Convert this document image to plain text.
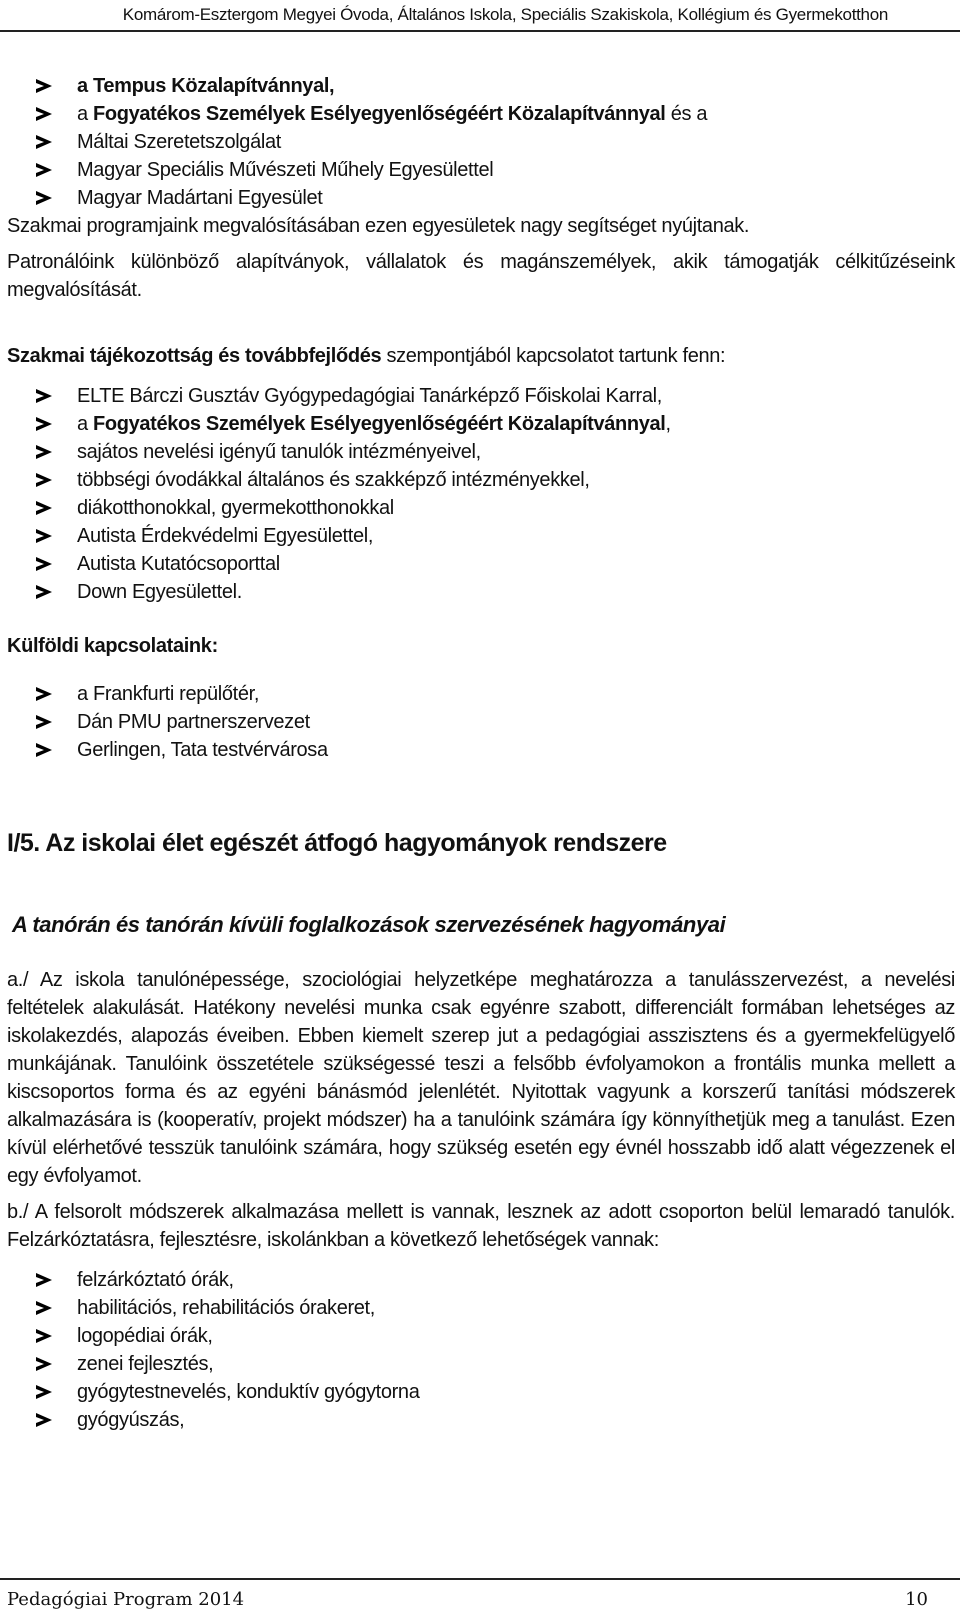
Komárom-Esztergom Megyei Óvoda, Általános Iskola, Speciális Szakiskola, Kollégium és Gyermekotthon
a Tempus Közalapítvánnyal,
a Fogyatékos Személyek Esélyegyenlőségéért Közalapítvánnyal és a
Máltai Szeretetszolgálat
Magyar Speciális Művészeti Műhely Egyesülettel
Magyar Madártani Egyesület

Szakmai programjaink megvalósításában ezen egyesületek nagy segítséget nyújtanak.

Patronálóink különböző alapítványok, vállalatok és magánszemélyek, akik támogatják célkitűzéseink megvalósítását.

Szakmai tájékozottság és továbbfejlődés szempontjából kapcsolatot tartunk fenn:

ELTE Bárczi Gusztáv Gyógypedagógiai Tanárképző Főiskolai Karral,
a Fogyatékos Személyek Esélyegyenlőségéért Közalapítvánnyal,
sajátos nevelési igényű tanulók intézményeivel,
többségi óvodákkal általános és szakképző intézményekkel,
diákotthonokkal, gyermekotthonokkal
Autista Érdekvédelmi Egyesülettel,
Autista Kutatócsoporttal
Down Egyesülettel.

Külföldi kapcsolataink:

a Frankfurti repülőtér,
Dán PMU partnerszervezet
Gerlingen, Tata testvérvárosa

I/5. Az iskolai élet egészét átfogó hagyományok rendszere

A tanórán és tanórán kívüli foglalkozások szervezésének hagyományai

a./ Az iskola tanulónépessége, szociológiai helyzetképe meghatározza a tanulásszervezést, a nevelési feltételek alakulását. Hatékony nevelési munka csak egyénre szabott, differenciált formában lehetséges az iskolakezdés, alapozás éveiben. Ebben kiemelt szerep jut a pedagógiai asszisztens és a gyermekfelügyelő munkájának. Tanulóink összetétele szükségessé teszi a felsőbb évfolyamokon a frontális munka mellett a kiscsoportos forma és az egyéni bánásmód jelenlétét. Nyitottak vagyunk a korszerű tanítási módszerek alkalmazására is (kooperatív, projekt módszer) ha a tanulóink számára így könnyíthetjük meg a tanulást. Ezen kívül elérhetővé tesszük tanulóink számára, hogy szükség esetén egy évnél hosszabb idő alatt végezzenek el egy évfolyamot.

b./ A felsorolt módszerek alkalmazása mellett is vannak, lesznek az adott csoporton belül lemaradó tanulók. Felzárkóztatásra, fejlesztésre, iskolánkban a következő lehetőségek vannak:

felzárkóztató órák,
habilitációs, rehabilitációs órakeret,
logopédiai órák,
zenei fejlesztés,
gyógytestnevelés, konduktív gyógytorna
gyógyúszás,
Pedagógiai Program 2014	10
